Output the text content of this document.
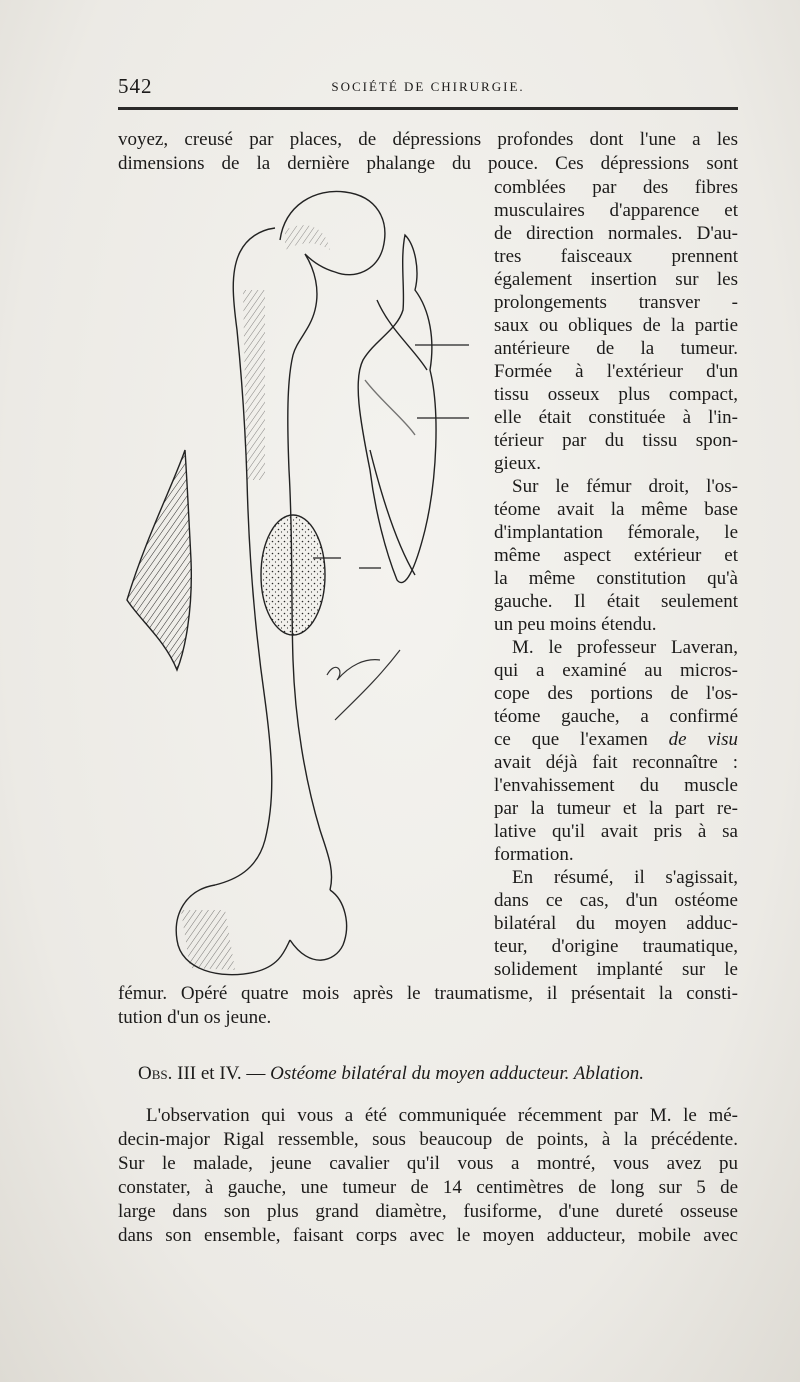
542	SOCIÉTÉ DE CHIRURGIE.
voyez, creusé par places, de dépressions profondes dont l'une a les
dimensions de la dernière phalange du pouce. Ces dépressions sont
comblées par des fibres
musculaires d'apparence et
de direction normales. D'au-
tres faisceaux prennent
également insertion sur les
prolongements transver -
saux ou obliques de la partie
antérieure de la tumeur.
Formée à l'extérieur d'un
tissu osseux plus compact,
elle était constituée à l'in-
térieur par du tissu spon-
gieux.
Sur le fémur droit, l'os-
téome avait la même base
d'implantation fémorale, le
même aspect extérieur et
la même constitution qu'à
gauche. Il était seulement
un peu moins étendu.
M. le professeur Laveran,
qui a examiné au micros-
cope des portions de l'os-
téome gauche, a confirmé
ce que l'examen de visu
avait déjà fait reconnaître :
l'envahissement du muscle
par la tumeur et la part re-
lative qu'il avait pris à sa
formation.
En résumé, il s'agissait,
dans ce cas, d'un ostéome
bilatéral du moyen adduc-
teur, d'origine traumatique,
solidement implanté sur le
fémur. Opéré quatre mois après le traumatisme, il présentait la consti-
tution d'un os jeune.
Obs. III et IV. — Ostéome bilatéral du moyen adducteur. Ablation.
L'observation qui vous a été communiquée récemment par M. le mé-
decin-major Rigal ressemble, sous beaucoup de points, à la précédente.
Sur le malade, jeune cavalier qu'il vous a montré, vous avez pu
constater, à gauche, une tumeur de 14 centimètres de long sur 5 de
large dans son plus grand diamètre, fusiforme, d'une dureté osseuse
dans son ensemble, faisant corps avec le moyen adducteur, mobile avec
